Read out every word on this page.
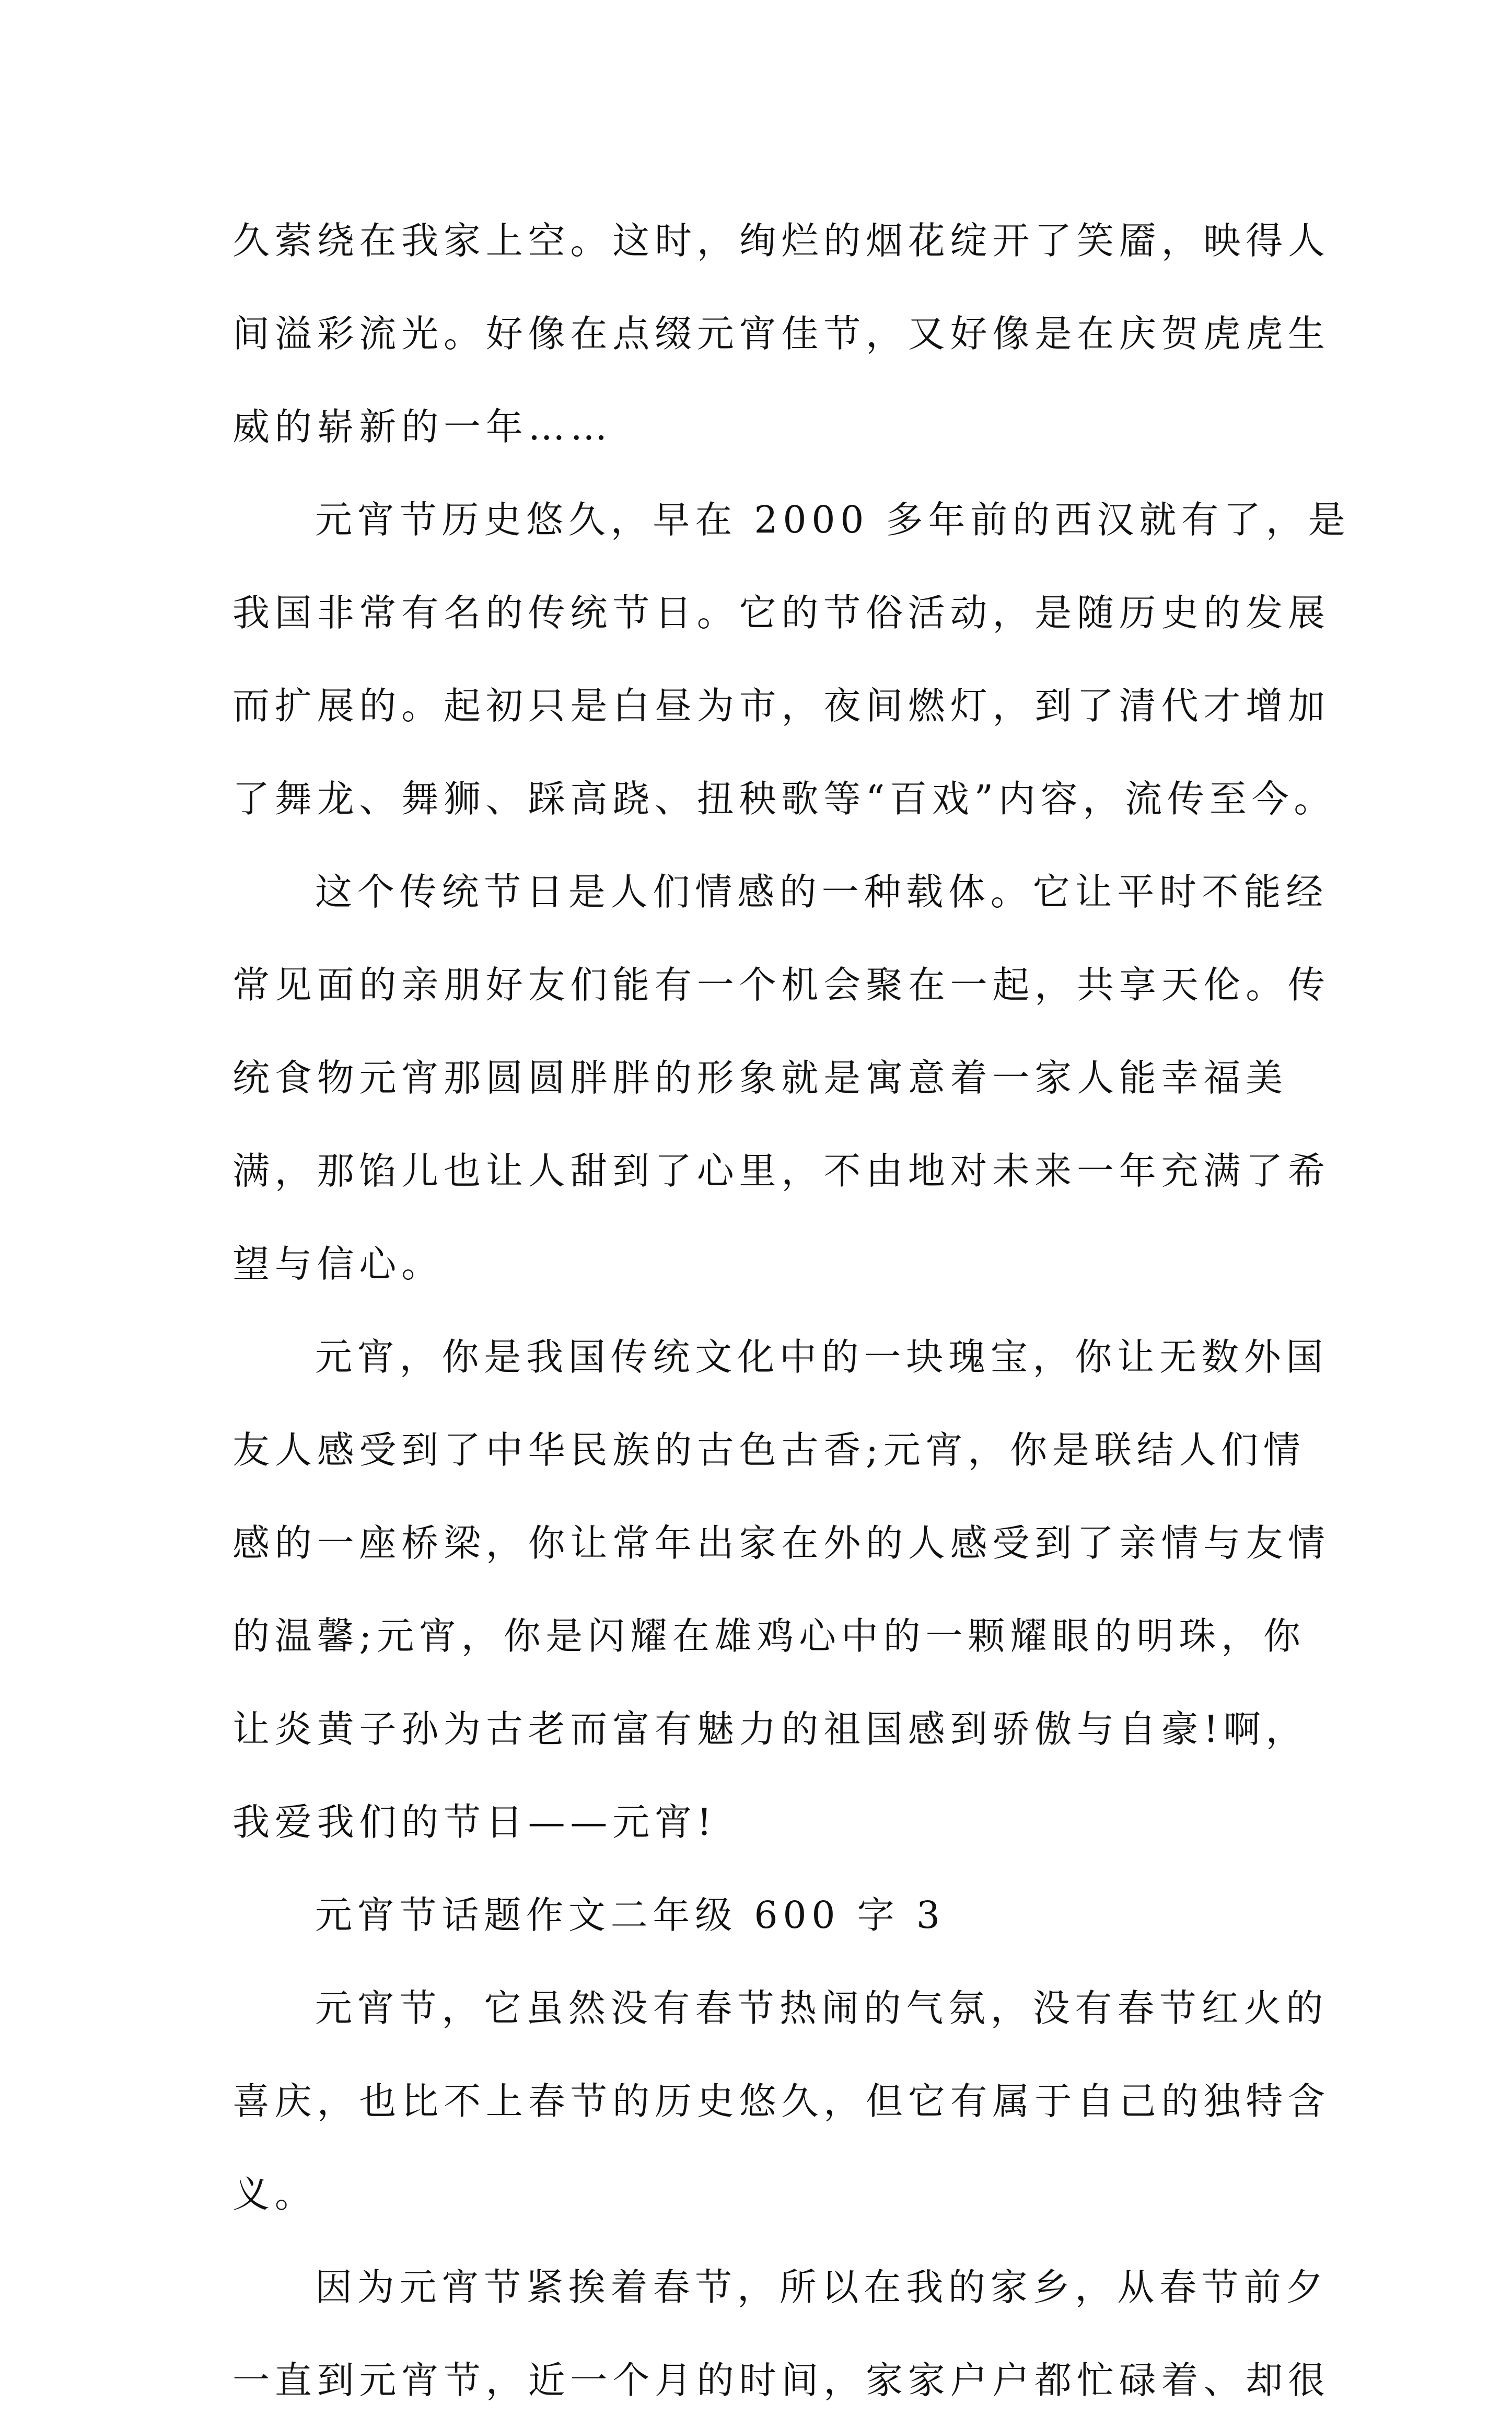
久萦绕在我家上空。这时，绚烂的烟花绽开了笑靥，映得人
间溢彩流光。好像在点缀元宵佳节，又好像是在庆贺虎虎生
威的崭新的一年……
元宵节历史悠久，早在 2000 多年前的西汉就有了，是
我国非常有名的传统节日。它的节俗活动，是随历史的发展
而扩展的。起初只是白昼为市，夜间燃灯，到了清代才增加
了舞龙、舞狮、踩高跷、扭秧歌等“百戏”内容，流传至今。
这个传统节日是人们情感的一种载体。它让平时不能经
常见面的亲朋好友们能有一个机会聚在一起，共享天伦。传
统食物元宵那圆圆胖胖的形象就是寓意着一家人能幸福美
满，那馅儿也让人甜到了心里，不由地对未来一年充满了希
望与信心。
元宵，你是我国传统文化中的一块瑰宝，你让无数外国
友人感受到了中华民族的古色古香;元宵，你是联结人们情
感的一座桥梁，你让常年出家在外的人感受到了亲情与友情
的温馨;元宵，你是闪耀在雄鸡心中的一颗耀眼的明珠，你
让炎黄子孙为古老而富有魅力的祖国感到骄傲与自豪!啊，
我爱我们的节日——元宵!
元宵节话题作文二年级 600 字 3
元宵节，它虽然没有春节热闹的气氛，没有春节红火的
喜庆，也比不上春节的历史悠久，但它有属于自己的独特含
义。
因为元宵节紧挨着春节，所以在我的家乡，从春节前夕
一直到元宵节，近一个月的时间，家家户户都忙碌着、却很
